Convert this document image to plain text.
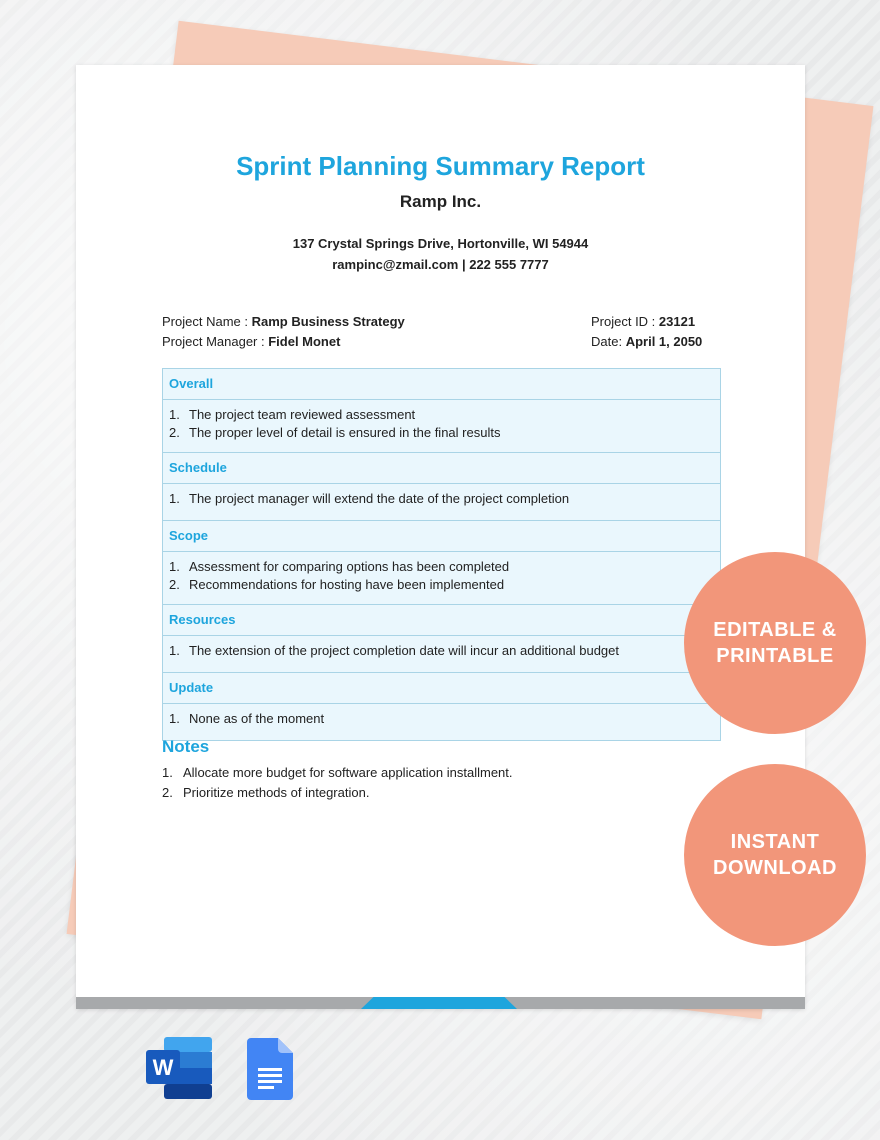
Sprint Planning Summary Report
Ramp Inc.
137 Crystal Springs Drive, Hortonville, WI 54944
rampinc@zmail.com | 222 555 7777
Project Name : Ramp Business Strategy
Project Manager : Fidel Monet
Project ID : 23121
Date: April 1, 2050
Overall
1. The project team reviewed assessment
2. The proper level of detail is ensured in the final results
Schedule
1. The project manager will extend the date of the project completion
Scope
1. Assessment for comparing options has been completed
2. Recommendations for hosting have been implemented
Resources
1. The extension of the project completion date will incur an additional budget
Update
1. None as of the moment
Notes
1. Allocate more budget for software application installment.
2. Prioritize methods of integration.
EDITABLE &
PRINTABLE
INSTANT
DOWNLOAD
W
